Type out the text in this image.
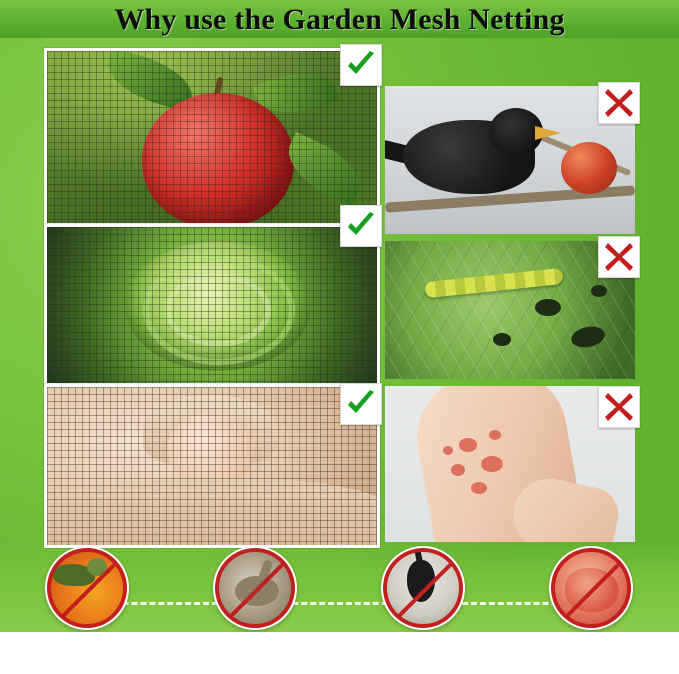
Why use the Garden Mesh Netting
